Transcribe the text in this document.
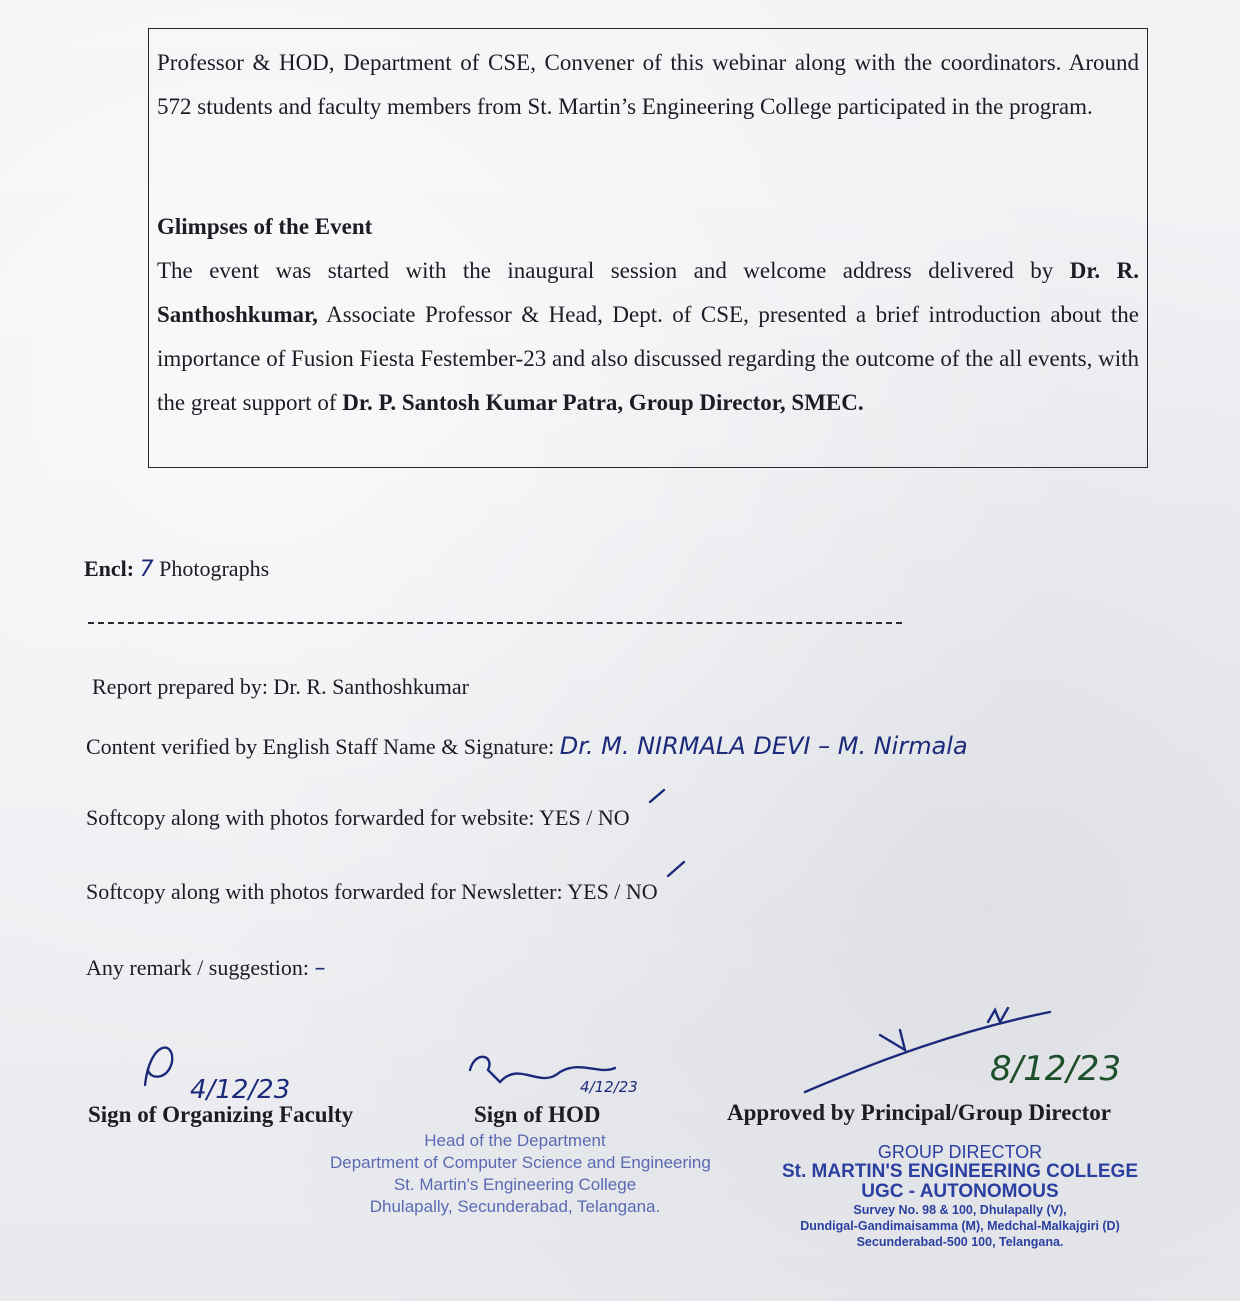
Professor & HOD, Department of CSE, Convener of this webinar along with the coordinators. Around 572 students and faculty members from St. Martin’s Engineering College participated in the program.

Glimpses of the Event
The event was started with the inaugural session and welcome address delivered by Dr. R. Santhoshkumar, Associate Professor & Head, Dept. of CSE, presented a brief introduction about the importance of Fusion Fiesta Festember-23 and also discussed regarding the outcome of the all events, with the great support of Dr. P. Santosh Kumar Patra, Group Director, SMEC.

Encl: 7 Photographs
Report prepared by: Dr. R. Santhoshkumar
Content verified by English Staff Name & Signature: Dr. M. NIRMALA DEVI – M. Nirmala
Softcopy along with photos forwarded for website: YES / NO
Softcopy along with photos forwarded for Newsletter: YES / NO
Any remark / suggestion: –
4/12/23	4/12/23	8/12/23
Sign of Organizing Faculty	Sign of HOD	Approved by Principal/Group Director
Head of the Department
Department of Computer Science and Engineering
St. Martin's Engineering College
Dhulapally, Secunderabad, Telangana.
GROUP DIRECTOR
St. MARTIN'S ENGINEERING COLLEGE
UGC - AUTONOMOUS
Survey No. 98 & 100, Dhulapally (V),
Dundigal-Gandimaisamma (M), Medchal-Malkajgiri (D)
Secunderabad-500 100, Telangana.
